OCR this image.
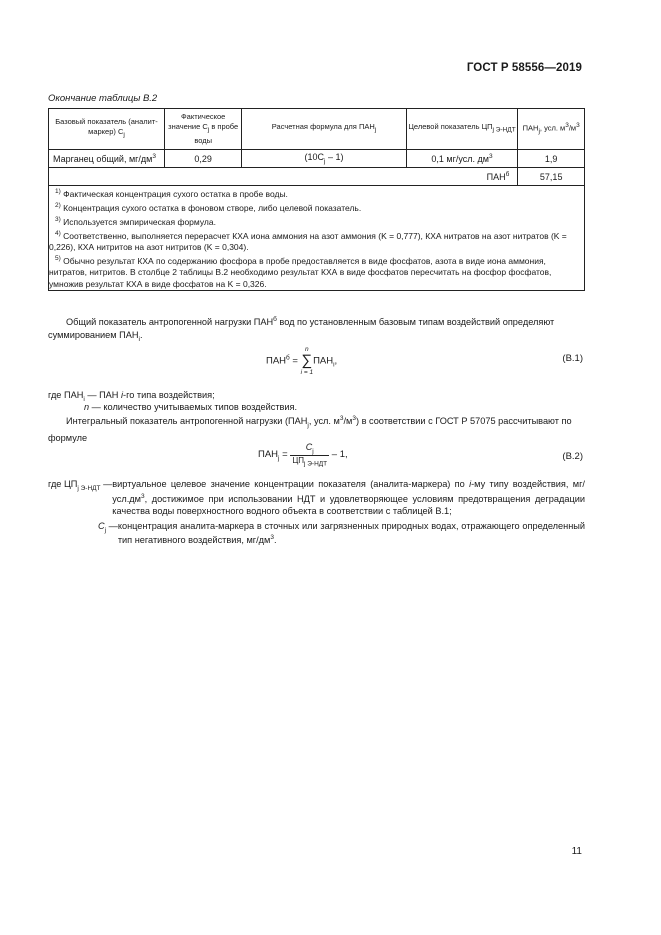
ГОСТ Р 58556—2019
Окончание таблицы В.2
Базовый показатель (аналит-маркер) $C_j$	Фактическое значение $C_j$ в пробе воды	Расчетная формула для $ПАН_j$	Целевой показатель $ЦП_{j Э-НДТ}$	$ПАН_j$, усл. $м^3/м^3$
Марганец общий, $мг/дм^3$	0,29	$(10C_j - 1)$	0,1 мг/усл. $дм^3$	1,9
$ПАН^б$				57,15

$^{1)}$ Фактическая концентрация сухого остатка в пробе воды.

$^{2)}$ Концентрация сухого остатка в фоновом створе, либо целевой показатель.

$^{3)}$ Используется эмпирическая формула.

$^{4)}$ Соответственно, выполняется перерасчет КХА иона аммония на азот аммония (K = 0,777), КХА нитратов на азот нитратов (K = 0,226), КХА нитритов на азот нитритов (K = 0,304).

$^{5)}$ Обычно результат КХА по содержанию фосфора в пробе предоставляется в виде фосфатов, азота в виде иона аммония, нитратов, нитритов. В столбце 2 таблицы В.2 необходимо результат КХА в виде фосфатов пересчитать на фосфор фосфатов, умножив результат КХА в виде фосфатов на K = 0,326.				

Общий показатель антропогенной нагрузки $ПАН^б$ вод по установленным базовым типам воздействий определяют суммированием $ПАН_i$.
$ПАН^б$ =
n
∑
i = 1
$ПАН_i$,	(В.1)
где $ПАН_i$ — ПАН i-го типа воздействия;
n — количество учитываемых типов воздействия.
Интегральный показатель антропогенной нагрузки ($ПАН_j$, усл. $м^3/м^3$) в соответствии с ГОСТ Р 57075 рассчитывают по формуле
$ПАН_j = \frac{C_j}{ЦП_{j Э-НДТ}} - 1$,	(В.2)
где $ЦП_{j Э-НДТ}$ — виртуальное целевое значение концентрации показателя (аналита-маркера) по i-му типу воздействия, $мг/усл.дм^3$, достижимое при использовании НДТ и удовлетворяющее условиям предотвращения деградации качества воды поверхностного водного объекта в соответствии с таблицей В.1;
$C_j$ — концентрация аналита-маркера в сточных или загрязненных природных водах, отражающего определенный тип негативного воздействия, $мг/дм^3$.
11
